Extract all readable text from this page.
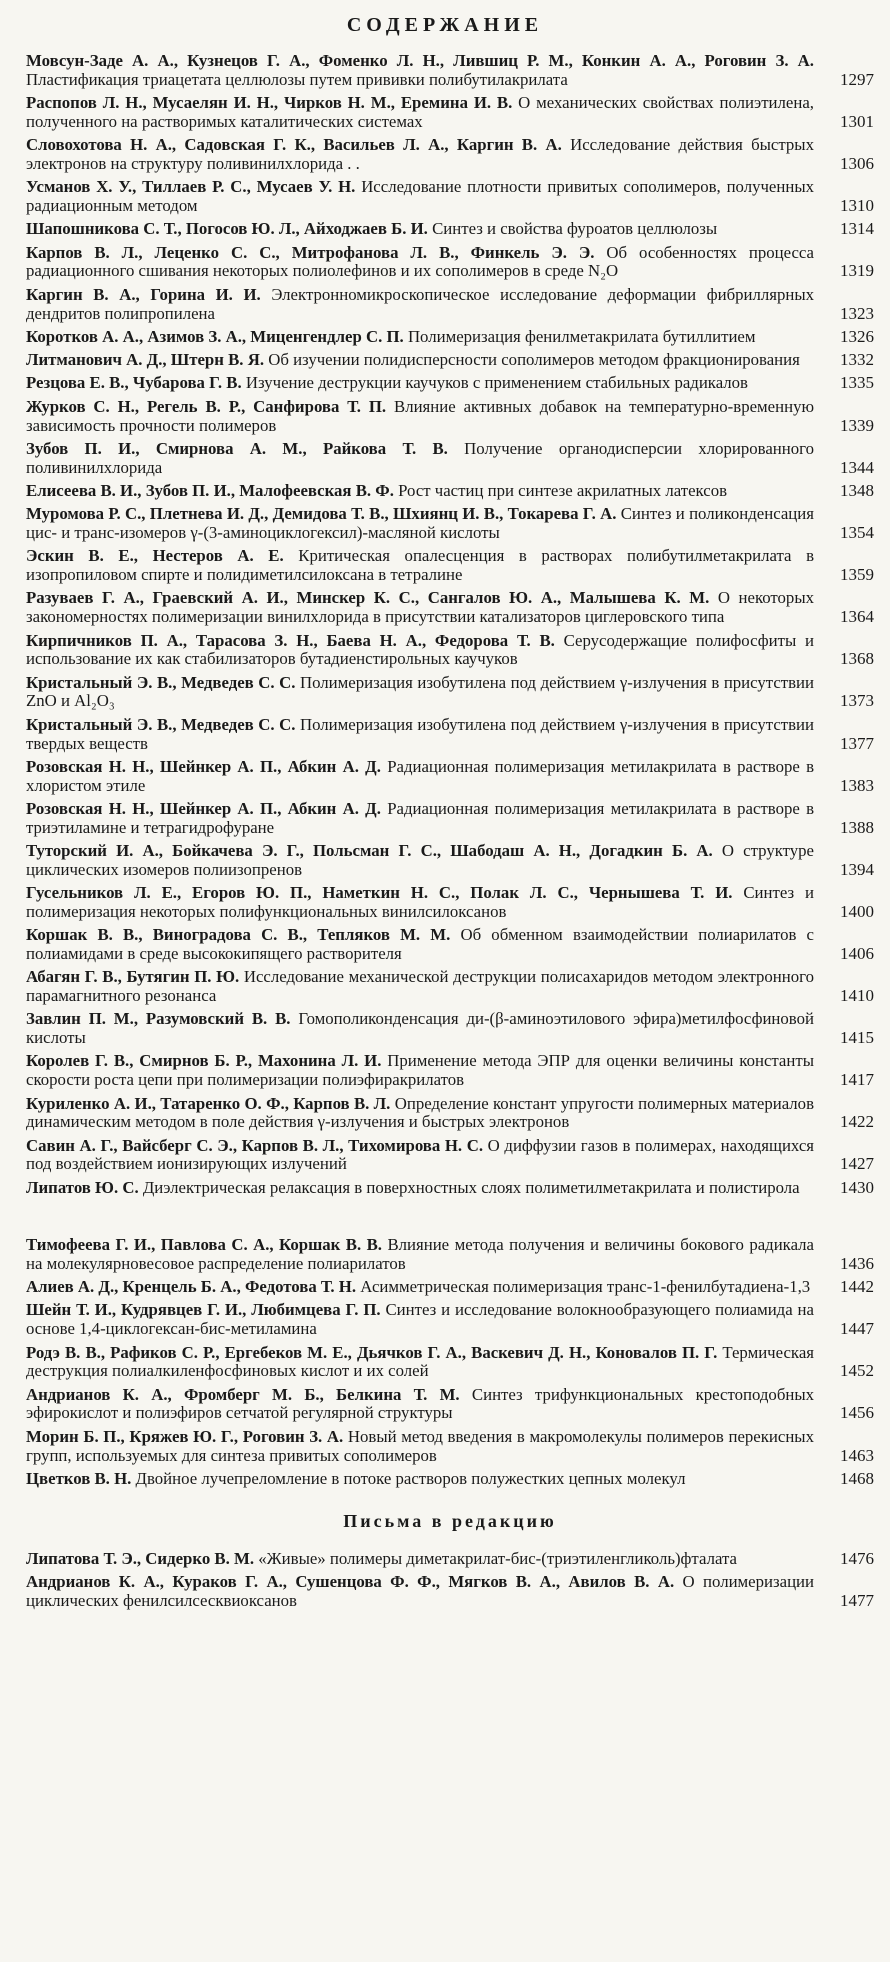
СОДЕРЖАНИЕ
Мовсун-Заде А. А., Кузнецов Г. А., Фоменко Л. Н., Лившиц Р. М., Конкин А. А., Роговин З. А. Пластификация триацетата целлюлозы путем прививки полибутилакрилата	1297
Распопов Л. Н., Мусаелян И. Н., Чирков Н. М., Еремина И. В. О механических свойствах полиэтилена, полученного на растворимых каталитических системах	1301
Словохотова Н. А., Садовская Г. К., Васильев Л. А., Каргин В. А. Исследование действия быстрых электронов на структуру поливинилхлорида . .	1306
Усманов Х. У., Тиллаев Р. С., Мусаев У. Н. Исследование плотности привитых сополимеров, полученных радиационным методом	1310
Шапошникова С. Т., Погосов Ю. Л., Айходжаев Б. И. Синтез и свойства фуроатов целлюлозы	1314
Карпов В. Л., Леценко С. С., Митрофанова Л. В., Финкель Э. Э. Об особенностях процесса радиационного сшивания некоторых полиолефинов и их сополимеров в среде N₂O	1319
Каргин В. А., Горина И. И. Электронномикроскопическое исследование деформации фибриллярных дендритов полипропилена	1323
Коротков А. А., Азимов З. А., Миценгендлер С. П. Полимеризация фенилметакрилата бутиллитием	1326
Литманович А. Д., Штерн В. Я. Об изучении полидисперсности сополимеров методом фракционирования	1332
Резцова Е. В., Чубарова Г. В. Изучение деструкции каучуков с применением стабильных радикалов	1335
Журков С. Н., Регель В. Р., Санфирова Т. П. Влияние активных добавок на температурно-временную зависимость прочности полимеров	1339
Зубов П. И., Смирнова А. М., Райкова Т. В. Получение органодисперсии хлорированного поливинилхлорида	1344
Елисеева В. И., Зубов П. И., Малофеевская В. Ф. Рост частиц при синтезе акрилатных латексов	1348
Муромова Р. С., Плетнева И. Д., Демидова Т. В., Шхиянц И. В., Токарева Г. А. Синтез и поликонденсация цис- и транс-изомеров γ-(3-аминоциклогексил)-масляной кислоты	1354
Эскин В. Е., Нестеров А. Е. Критическая опалесценция в растворах полибутилметакрилата в изопропиловом спирте и полидиметилсилоксана в тетралине	1359
Разуваев Г. А., Граевский А. И., Минскер К. С., Сангалов Ю. А., Малышева К. М. О некоторых закономерностях полимеризации винилхлорида в присутствии катализаторов циглеровского типа	1364
Кирпичников П. А., Тарасова З. Н., Баева Н. А., Федорова Т. В. Серусодержащие полифосфиты и использование их как стабилизаторов бутадиенстирольных каучуков	1368
Кристальный Э. В., Медведев С. С. Полимеризация изобутилена под действием γ-излучения в присутствии ZnO и Al₂O₃	1373
Кристальный Э. В., Медведев С. С. Полимеризация изобутилена под действием γ-излучения в присутствии твердых веществ	1377
Розовская Н. Н., Шейнкер А. П., Абкин А. Д. Радиационная полимеризация метилакрилата в растворе в хлористом этиле	1383
Розовская Н. Н., Шейнкер А. П., Абкин А. Д. Радиационная полимеризация метилакрилата в растворе в триэтиламине и тетрагидрофуране	1388
Туторский И. А., Бойкачева Э. Г., Польсман Г. С., Шабодаш А. Н., Догадкин Б. А. О структуре циклических изомеров полиизопренов	1394
Гусельников Л. Е., Егоров Ю. П., Наметкин Н. С., Полак Л. С., Чернышева Т. И. Синтез и полимеризация некоторых полифункциональных винилсилоксанов	1400
Коршак В. В., Виноградова С. В., Тепляков М. М. Об обменном взаимодействии полиарилатов с полиамидами в среде высококипящего растворителя	1406
Абагян Г. В., Бутягин П. Ю. Исследование механической деструкции полисахаридов методом электронного парамагнитного резонанса	1410
Завлин П. М., Разумовский В. В. Гомополиконденсация ди-(β-аминоэтилового эфира)метилфосфиновой кислоты	1415
Королев Г. В., Смирнов Б. Р., Махонина Л. И. Применение метода ЭПР для оценки величины константы скорости роста цепи при полимеризации полиэфиракрилатов	1417
Куриленко А. И., Татаренко О. Ф., Карпов В. Л. Определение констант упругости полимерных материалов динамическим методом в поле действия γ-излучения и быстрых электронов	1422
Савин А. Г., Вайсберг С. Э., Карпов В. Л., Тихомирова Н. С. О диффузии газов в полимерах, находящихся под воздействием ионизирующих излучений	1427
Липатов Ю. С. Диэлектрическая релаксация в поверхностных слоях полиметилметакрилата и полистирола	1430
Тимофеева Г. И., Павлова С. А., Коршак В. В. Влияние метода получения и величины бокового радикала на молекулярновесовое распределение полиарилатов	1436
Алиев А. Д., Кренцель Б. А., Федотова Т. Н. Асимметрическая полимеризация транс-1-фенилбутадиена-1,3	1442
Шейн Т. И., Кудрявцев Г. И., Любимцева Г. П. Синтез и исследование волокнообразующего полиамида на основе 1,4-циклогексан-бис-метиламина	1447
Родэ В. В., Рафиков С. Р., Ергебеков М. Е., Дьячков Г. А., Васкевич Д. Н., Коновалов П. Г. Термическая деструкция полиалкиленфосфиновых кислот и их солей	1452
Андрианов К. А., Фромберг М. Б., Белкина Т. М. Синтез трифункциональных крестоподобных эфирокислот и полиэфиров сетчатой регулярной структуры	1456
Морин Б. П., Кряжев Ю. Г., Роговин З. А. Новый метод введения в макромолекулы полимеров перекисных групп, используемых для синтеза привитых сополимеров	1463
Цветков В. Н. Двойное лучепреломление в потоке растворов полужестких цепных молекул	1468
Письма в редакцию
Липатова Т. Э., Сидерко В. М. «Живые» полимеры диметакрилат-бис-(триэтиленгликоль)фталата	1476
Андрианов К. А., Кураков Г. А., Сушенцова Ф. Ф., Мягков В. А., Авилов В. А. О полимеризации циклических фенилсилсесквиоксанов	1477
